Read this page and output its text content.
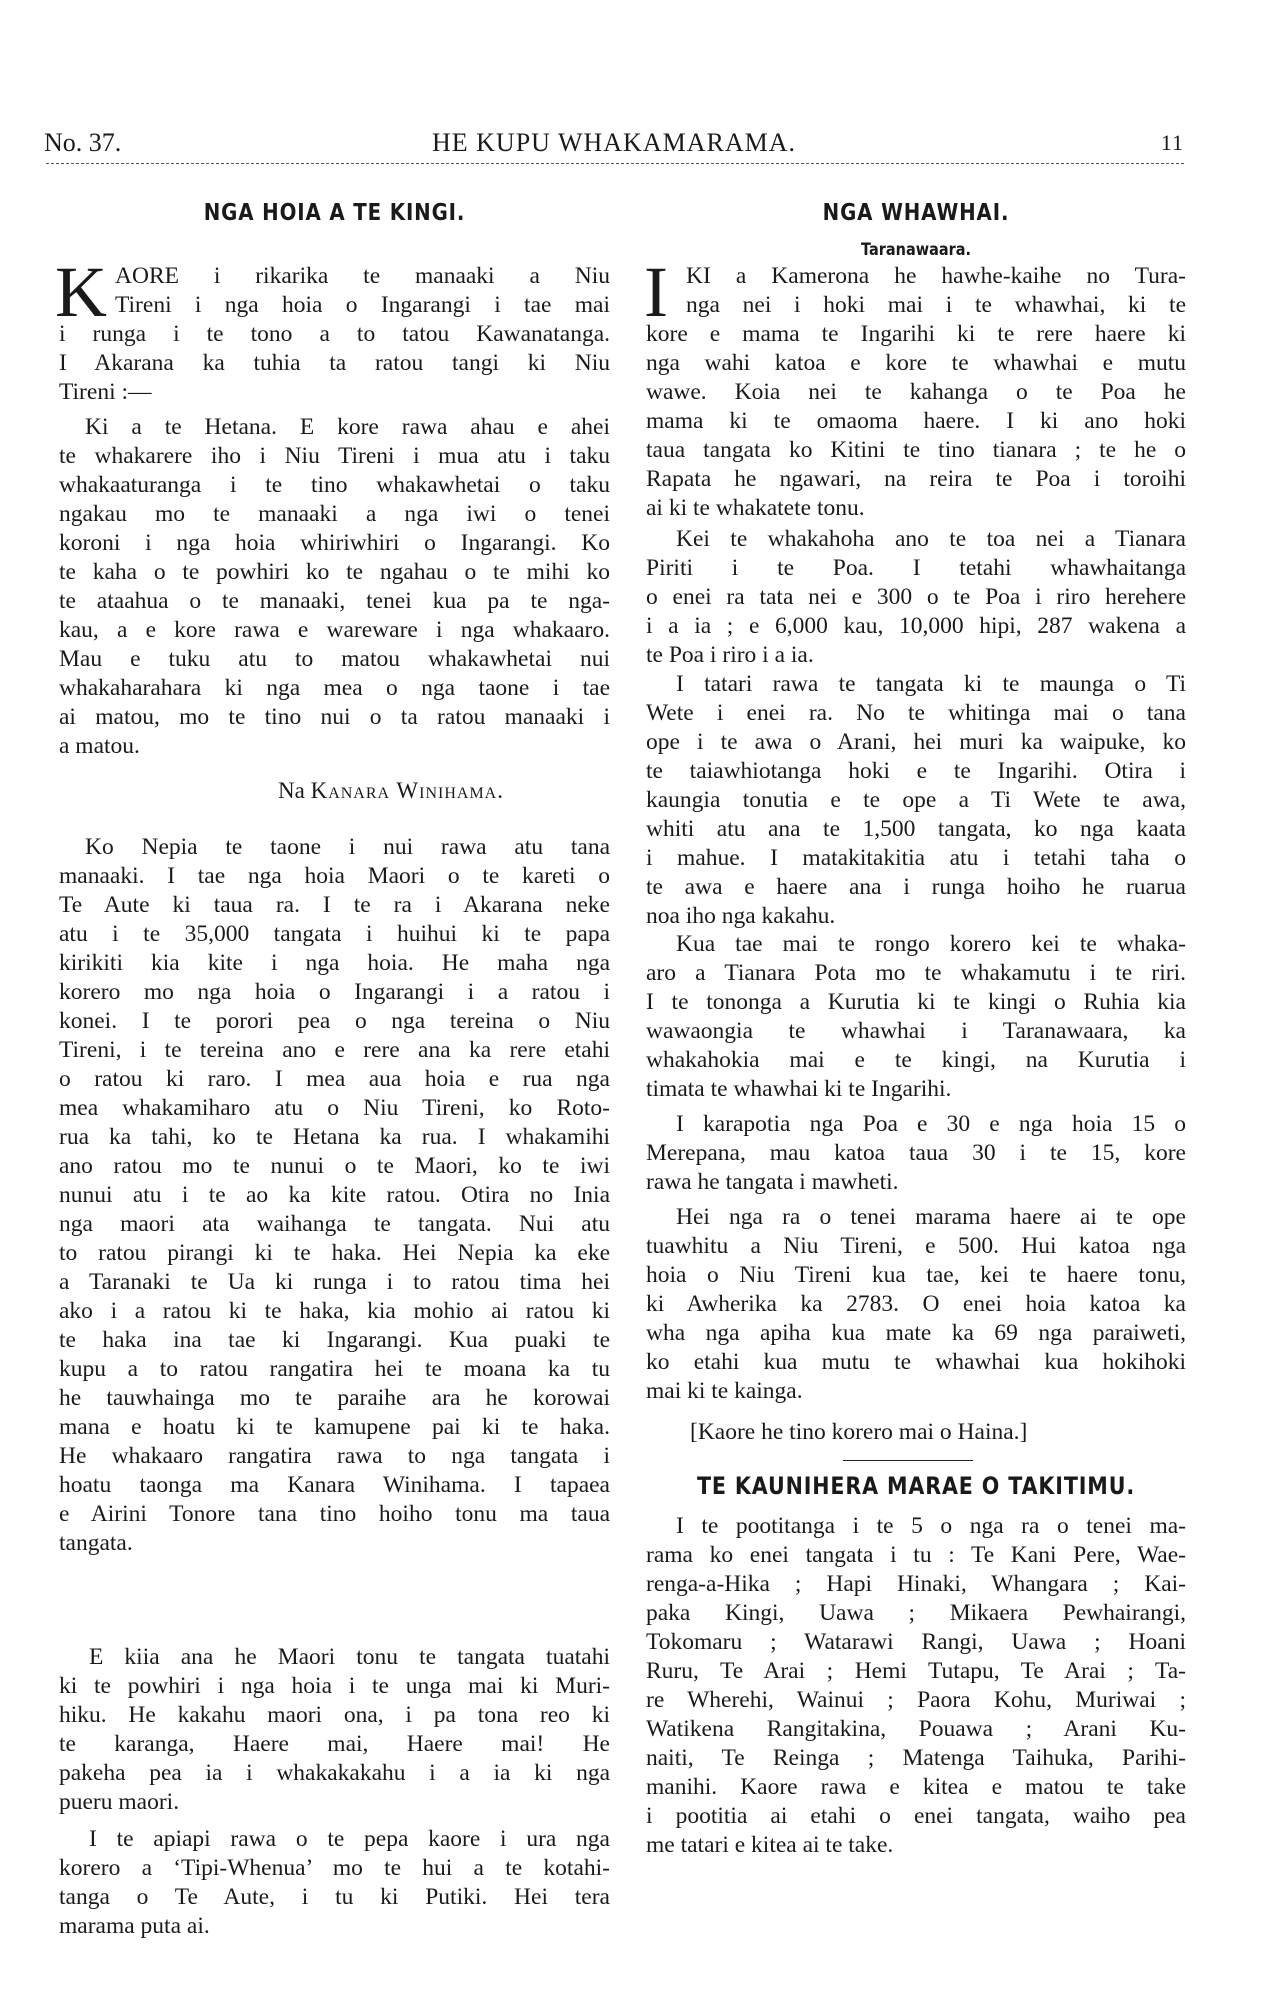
No. 37.	HE KUPU WHAKAMARAMA.	11
NGA HOIA A TE KINGI.
K AORE i rikarika te manaaki a Niu
Tireni i nga hoia o Ingarangi i tae mai
i runga i te tono a to tatou Kawanatanga.
I Akarana ka tuhia ta ratou tangi ki Niu
Tireni :—
Ki a te Hetana. E kore rawa ahau e ahei
te whakarere iho i Niu Tireni i mua atu i taku
whakaaturanga i te tino whakawhetai o taku
ngakau mo te manaaki a nga iwi o tenei
koroni i nga hoia whiriwhiri o Ingarangi. Ko
te kaha o te powhiri ko te ngahau o te mihi ko
te ataahua o te manaaki, tenei kua pa te nga-
kau, a e kore rawa e wareware i nga whakaaro.
Mau e tuku atu to matou whakawhetai nui
whakaharahara ki nga mea o nga taone i tae
ai matou, mo te tino nui o ta ratou manaaki i
a matou.
Na Kanara Winihama.
Ko Nepia te taone i nui rawa atu tana
manaaki. I tae nga hoia Maori o te kareti o
Te Aute ki taua ra. I te ra i Akarana neke
atu i te 35,000 tangata i huihui ki te papa
kirikiti kia kite i nga hoia. He maha nga
korero mo nga hoia o Ingarangi i a ratou i
konei. I te porori pea o nga tereina o Niu
Tireni, i te tereina ano e rere ana ka rere etahi
o ratou ki raro. I mea aua hoia e rua nga
mea whakamiharo atu o Niu Tireni, ko Roto-
rua ka tahi, ko te Hetana ka rua. I whakamihi
ano ratou mo te nunui o te Maori, ko te iwi
nunui atu i te ao ka kite ratou. Otira no Inia
nga maori ata waihanga te tangata. Nui atu
to ratou pirangi ki te haka. Hei Nepia ka eke
a Taranaki te Ua ki runga i to ratou tima hei
ako i a ratou ki te haka, kia mohio ai ratou ki
te haka ina tae ki Ingarangi. Kua puaki te
kupu a to ratou rangatira hei te moana ka tu
he tauwhainga mo te paraihe ara he korowai
mana e hoatu ki te kamupene pai ki te haka.
He whakaaro rangatira rawa to nga tangata i
hoatu taonga ma Kanara Winihama. I tapaea
e Airini Tonore tana tino hoiho tonu ma taua
tangata.
E kiia ana he Maori tonu te tangata tuatahi
ki te powhiri i nga hoia i te unga mai ki Muri-
hiku. He kakahu maori ona, i pa tona reo ki
te karanga, Haere mai, Haere mai! He
pakeha pea ia i whakakakahu i a ia ki nga
pueru maori.
I te apiapi rawa o te pepa kaore i ura nga
korero a ‘Tipi-Whenua’ mo te hui a te kotahi-
tanga o Te Aute, i tu ki Putiki. Hei tera
marama puta ai.
NGA WHAWHAI.
Taranawaara.
I KI a Kamerona he hawhe-kaihe no Tura-
nga nei i hoki mai i te whawhai, ki te
kore e mama te Ingarihi ki te rere haere ki
nga wahi katoa e kore te whawhai e mutu
wawe. Koia nei te kahanga o te Poa he
mama ki te omaoma haere. I ki ano hoki
taua tangata ko Kitini te tino tianara ; te he o
Rapata he ngawari, na reira te Poa i toroihi
ai ki te whakatete tonu.
Kei te whakahoha ano te toa nei a Tianara
Piriti i te Poa. I tetahi whawhaitanga
o enei ra tata nei e 300 o te Poa i riro herehere
i a ia ; e 6,000 kau, 10,000 hipi, 287 wakena a
te Poa i riro i a ia.
I tatari rawa te tangata ki te maunga o Ti
Wete i enei ra. No te whitinga mai o tana
ope i te awa o Arani, hei muri ka waipuke, ko
te taiawhiotanga hoki e te Ingarihi. Otira i
kaungia tonutia e te ope a Ti Wete te awa,
whiti atu ana te 1,500 tangata, ko nga kaata
i mahue. I matakitakitia atu i tetahi taha o
te awa e haere ana i runga hoiho he ruarua
noa iho nga kakahu.
Kua tae mai te rongo korero kei te whaka-
aro a Tianara Pota mo te whakamutu i te riri.
I te tononga a Kurutia ki te kingi o Ruhia kia
wawaongia te whawhai i Taranawaara, ka
whakahokia mai e te kingi, na Kurutia i
timata te whawhai ki te Ingarihi.
I karapotia nga Poa e 30 e nga hoia 15 o
Merepana, mau katoa taua 30 i te 15, kore
rawa he tangata i mawheti.
Hei nga ra o tenei marama haere ai te ope
tuawhitu a Niu Tireni, e 500. Hui katoa nga
hoia o Niu Tireni kua tae, kei te haere tonu,
ki Awherika ka 2783. O enei hoia katoa ka
wha nga apiha kua mate ka 69 nga paraiweti,
ko etahi kua mutu te whawhai kua hokihoki
mai ki te kainga.
[Kaore he tino korero mai o Haina.]
TE KAUNIHERA MARAE O TAKITIMU.
I te pootitanga i te 5 o nga ra o tenei ma-
rama ko enei tangata i tu : Te Kani Pere, Wae-
renga-a-Hika ; Hapi Hinaki, Whangara ; Kai-
paka Kingi, Uawa ; Mikaera Pewhairangi,
Tokomaru ; Watarawi Rangi, Uawa ; Hoani
Ruru, Te Arai ; Hemi Tutapu, Te Arai ; Ta-
re Wherehi, Wainui ; Paora Kohu, Muriwai ;
Watikena Rangitakina, Pouawa ; Arani Ku-
naiti, Te Reinga ; Matenga Taihuka, Parihi-
manihi. Kaore rawa e kitea e matou te take
i pootitia ai etahi o enei tangata, waiho pea
me tatari e kitea ai te take.
